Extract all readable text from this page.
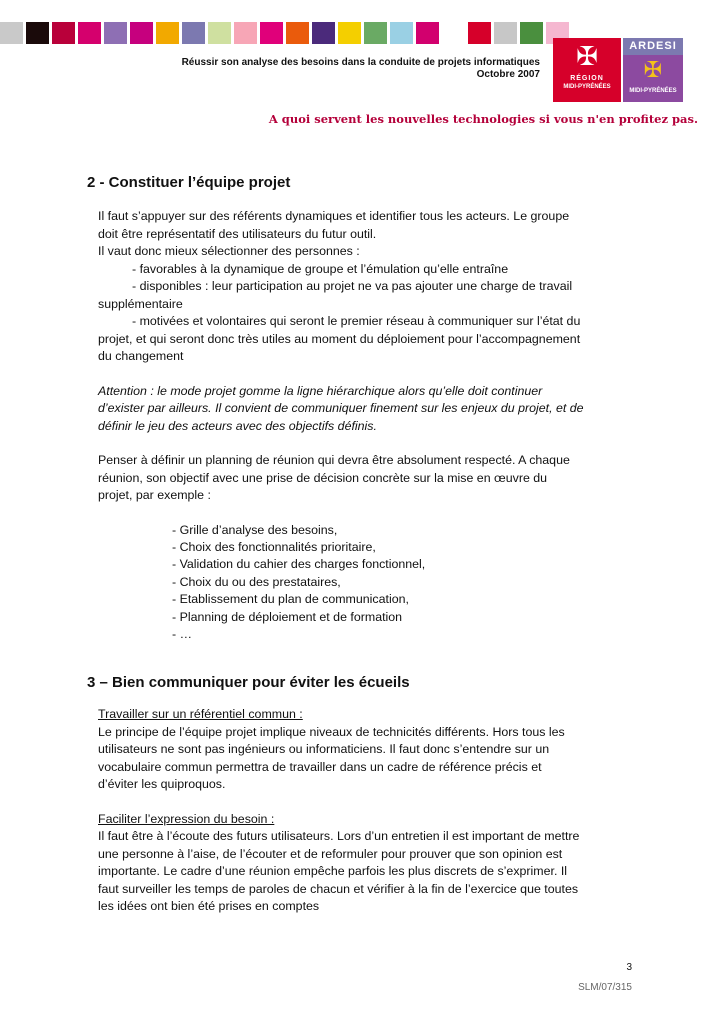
Réussir son analyse des besoins dans la conduite de projets informatiques
Octobre 2007
✠
RÉGION
MIDI-PYRÉNÉES
ARDESI
✠
MIDI-PYRÉNÉES
A quoi servent les nouvelles technologies si vous n'en profitez pas.
2 - Constituer l’équipe projet
Il faut s’appuyer sur des référents dynamiques et identifier tous les acteurs. Le groupe
doit être représentatif des utilisateurs du futur outil.
Il vaut donc mieux sélectionner des personnes :
- favorables à la dynamique de groupe et l’émulation qu’elle entraîne
- disponibles : leur participation au projet ne va pas ajouter une charge de travail
supplémentaire
- motivées et volontaires qui seront le premier réseau à communiquer sur l’état du
projet, et qui seront donc très utiles au moment du déploiement pour l’accompagnement
du changement
Attention : le mode projet gomme la ligne hiérarchique alors qu’elle doit continuer
d’exister par ailleurs. Il convient de communiquer finement sur les enjeux du projet, et de
définir le jeu des acteurs avec des objectifs définis.
Penser à définir un planning de réunion qui devra être absolument respecté. A chaque
réunion, son objectif avec une prise de décision concrète sur la mise en œuvre du
projet, par exemple :
- Grille d’analyse des besoins,
- Choix des fonctionnalités prioritaire,
- Validation du cahier des charges fonctionnel,
- Choix du ou des prestataires,
- Etablissement du plan de communication,
- Planning de déploiement et de formation
- …
3 – Bien communiquer pour éviter les écueils
Travailler sur un référentiel commun :
Le principe de l’équipe projet implique niveaux de technicités différents. Hors tous les
utilisateurs ne sont pas ingénieurs ou informaticiens. Il faut donc s’entendre sur un
vocabulaire commun permettra de travailler dans un cadre de référence précis et
d’éviter les quiproquos.
Faciliter l’expression du besoin :
Il faut être à l’écoute des futurs utilisateurs. Lors d’un entretien il est important de mettre
une personne à l’aise, de l’écouter et de reformuler pour prouver que son opinion est
importante. Le cadre d’une réunion empêche parfois les plus discrets de s’exprimer. Il
faut surveiller les temps de paroles de chacun et vérifier à la fin de l’exercice que toutes
les idées ont bien été prises en comptes
3
SLM/07/315
